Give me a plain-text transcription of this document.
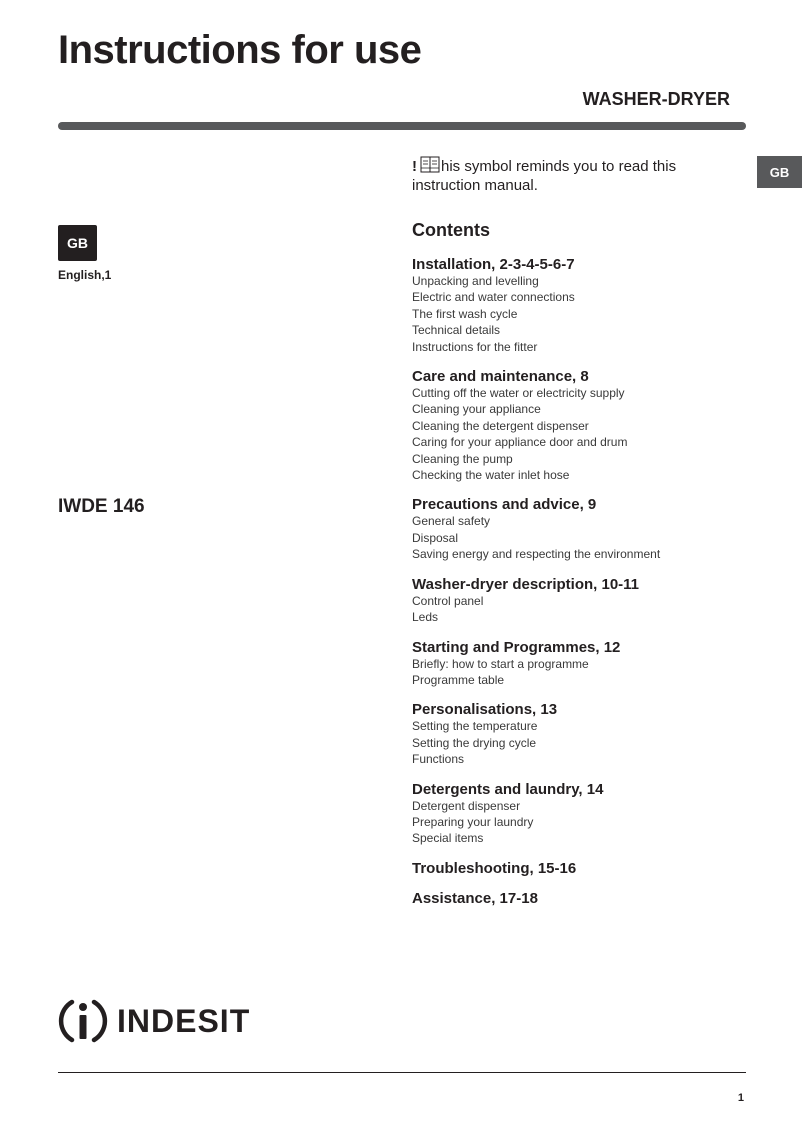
Instructions for use
WASHER-DRYER
GB
GB
English,1
IWDE 146
! his symbol reminds you to read this
instruction manual.
Contents
Installation, 2-3-4-5-6-7
Unpacking and levelling
Electric and water connections
The first wash cycle
Technical details
Instructions for the fitter
Care and maintenance, 8
Cutting off the water or electricity supply
Cleaning your appliance
Cleaning the detergent dispenser
Caring for your appliance door and drum
Cleaning the pump
Checking the water inlet hose
Precautions and advice, 9
General safety
Disposal
Saving energy and respecting the environment
Washer-dryer description, 10-11
Control panel
Leds
Starting and Programmes, 12
Briefly: how to start a programme
Programme table
Personalisations, 13
Setting the temperature
Setting the drying cycle
Functions
Detergents and laundry, 14
Detergent dispenser
Preparing your laundry
Special items
Troubleshooting, 15-16
Assistance, 17-18
INDESIT
1
